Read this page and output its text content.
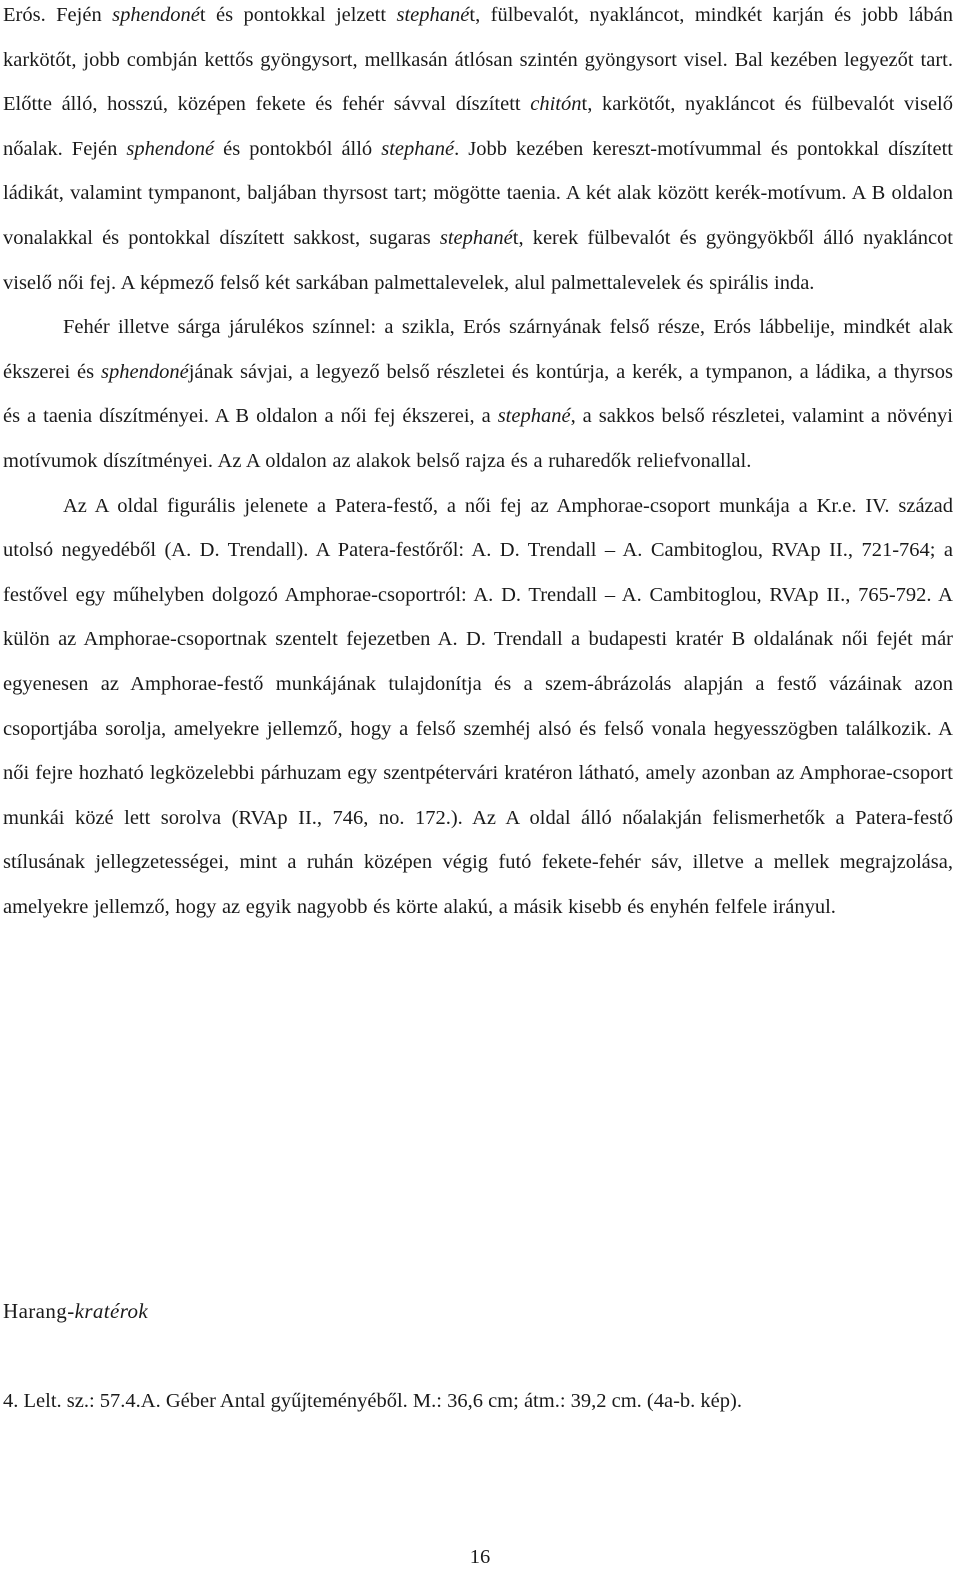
Erós. Fején sphendonét és pontokkal jelzett stephanét, fülbevalót, nyakláncot, mindkét karján és jobb lábán karkötőt, jobb combján kettős gyöngysort, mellkasán átlósan szintén gyöngysort visel. Bal kezében legyezőt tart. Előtte álló, hosszú, középen fekete és fehér sávval díszített chitónt, karkötőt, nyakláncot és fülbevalót viselő nőalak. Fején sphendoné és pontokból álló stephané. Jobb kezében kereszt-motívummal és pontokkal díszített ládikát, valamint tympanont, baljában thyrsost tart; mögötte taenia. A két alak között kerék-motívum. A B oldalon vonalakkal és pontokkal díszített sakkost, sugaras stephanét, kerek fülbevalót és gyöngyökből álló nyakláncot viselő női fej. A képmező felső két sarkában palmettalevelek, alul palmettalevelek és spirális inda.

Fehér illetve sárga járulékos színnel: a szikla, Erós szárnyának felső része, Erós lábbelije, mindkét alak ékszerei és sphendonéjának sávjai, a legyező belső részletei és kontúrja, a kerék, a tympanon, a ládika, a thyrsos és a taenia díszítményei. A B oldalon a női fej ékszerei, a stephané, a sakkos belső részletei, valamint a növényi motívumok díszítményei. Az A oldalon az alakok belső rajza és a ruharedők reliefvonallal.

Az A oldal figurális jelenete a Patera-festő, a női fej az Amphorae-csoport munkája a Kr.e. IV. század utolsó negyedéből (A. D. Trendall). A Patera-festőről: A. D. Trendall – A. Cambitoglou, RVAp II., 721-764; a festővel egy műhelyben dolgozó Amphorae-csoportról: A. D. Trendall – A. Cambitoglou, RVAp II., 765-792. A külön az Amphorae-csoportnak szentelt fejezetben A. D. Trendall a budapesti kratér B oldalának női fejét már egyenesen az Amphorae-festő munkájának tulajdonítja és a szem-ábrázolás alapján a festő vázáinak azon csoportjába sorolja, amelyekre jellemző, hogy a felső szemhéj alsó és felső vonala hegyesszögben találkozik. A női fejre hozható legközelebbi párhuzam egy szentpétervári kratéron látható, amely azonban az Amphorae-csoport munkái közé lett sorolva (RVAp II., 746, no. 172.). Az A oldal álló nőalakján felismerhetők a Patera-festő stílusának jellegzetességei, mint a ruhán középen végig futó fekete-fehér sáv, illetve a mellek megrajzolása, amelyekre jellemző, hogy az egyik nagyobb és körte alakú, a másik kisebb és enyhén felfele irányul.

Harang-kratérok

4. Lelt. sz.: 57.4.A. Géber Antal gyűjteményéből. M.: 36,6 cm; átm.: 39,2 cm. (4a-b. kép).

16
